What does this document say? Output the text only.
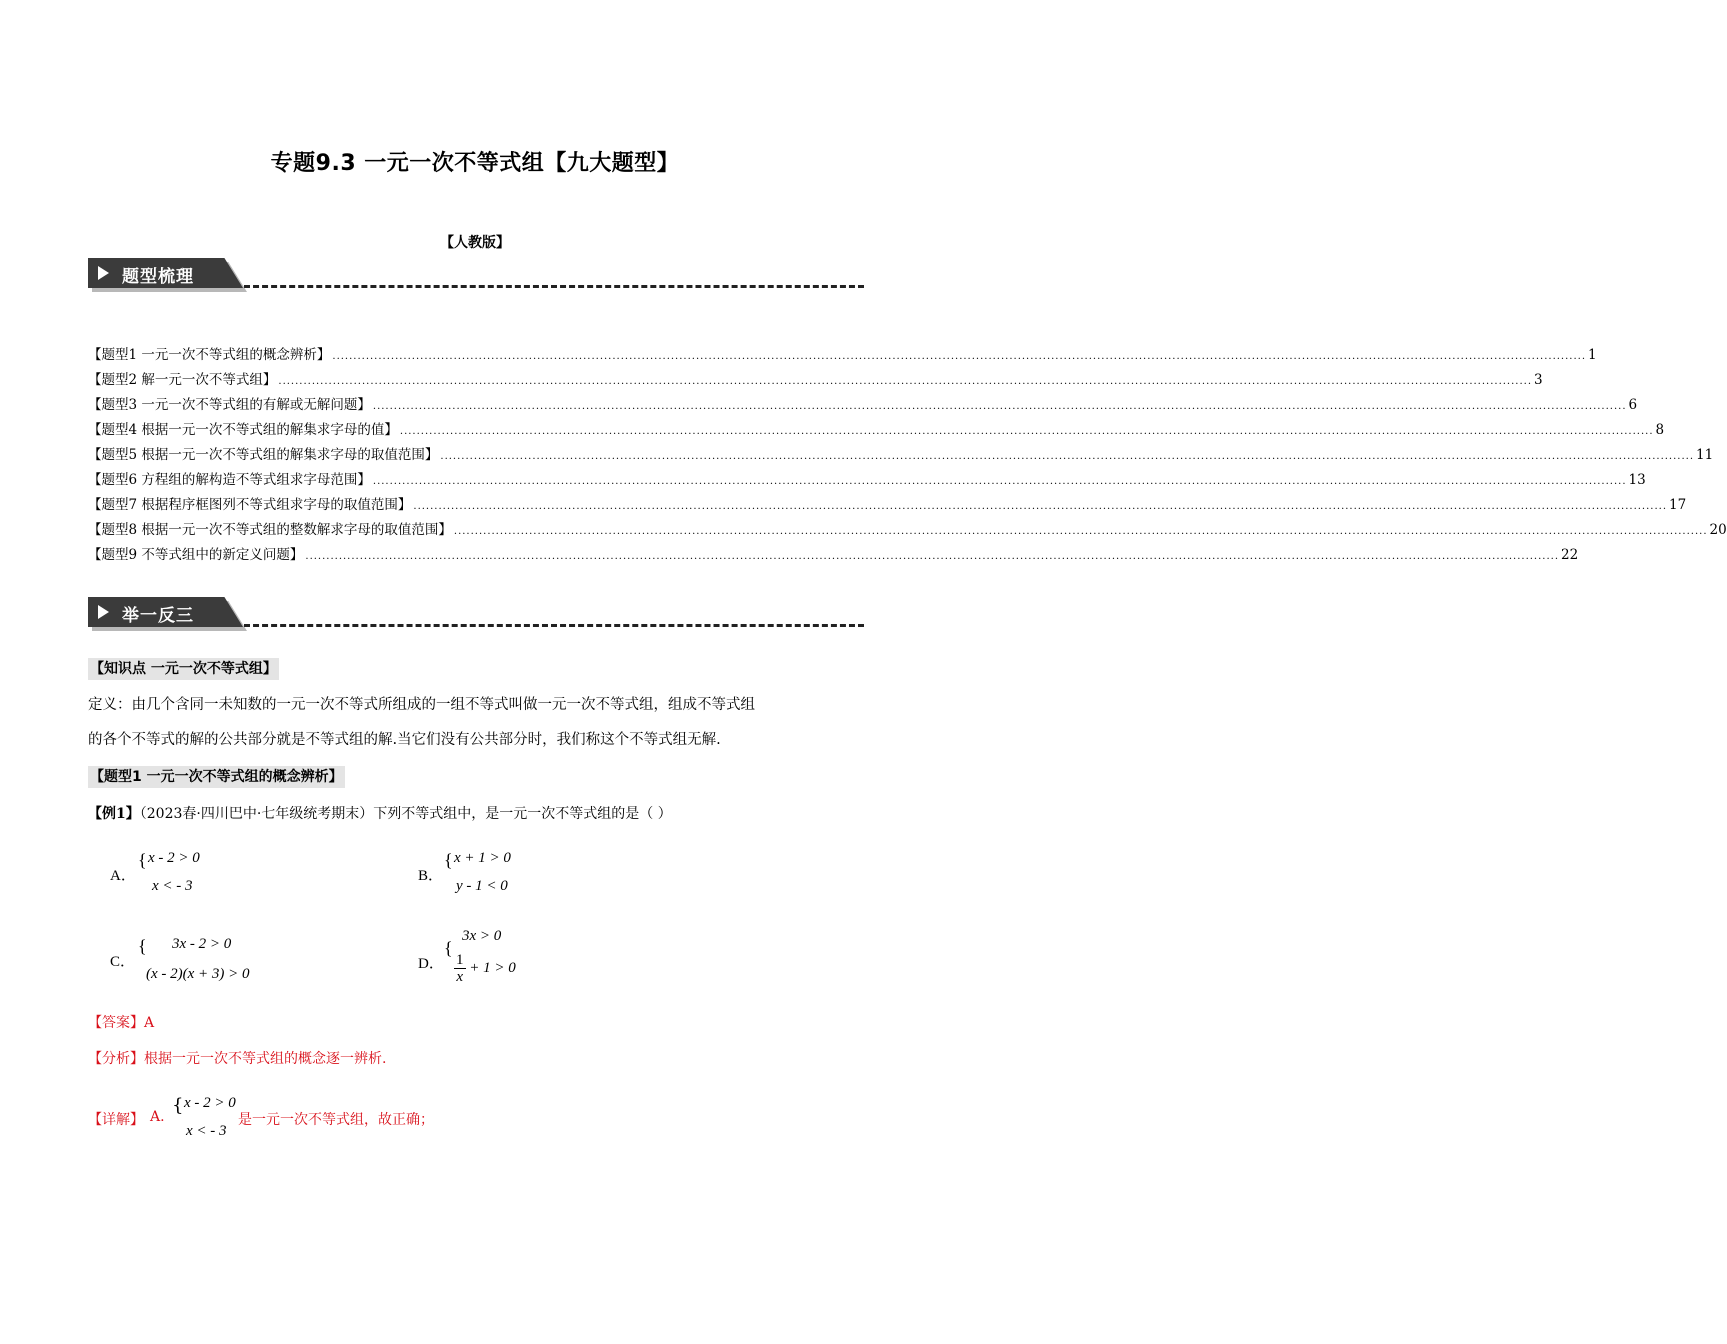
专题9.3 一元一次不等式组【九大题型】
【人教版】
题型梳理
【题型1 一元一次不等式组的概念辨析】 ............................................................................................................................................................................................................................................................................................................ 1
【题型2 解一元一次不等式组】 ............................................................................................................................................................................................................................................................................................................ 3
【题型3 一元一次不等式组的有解或无解问题】 ............................................................................................................................................................................................................................................................................................................ 6
【题型4 根据一元一次不等式组的解集求字母的值】 ............................................................................................................................................................................................................................................................................................................ 8
【题型5 根据一元一次不等式组的解集求字母的取值范围】 ............................................................................................................................................................................................................................................................................................................ 11
【题型6 方程组的解构造不等式组求字母范围】 ............................................................................................................................................................................................................................................................................................................ 13
【题型7 根据程序框图列不等式组求字母的取值范围】 ............................................................................................................................................................................................................................................................................................................ 17
【题型8 根据一元一次不等式组的整数解求字母的取值范围】 ............................................................................................................................................................................................................................................................................................................ 20
【题型9 不等式组中的新定义问题】 ............................................................................................................................................................................................................................................................................................................ 22
举一反三
【知识点 一元一次不等式组】
定义：由几个含同一未知数的一元一次不等式所组成的一组不等式叫做一元一次不等式组，组成不等式组
的各个不等式的解的公共部分就是不等式组的解.当它们没有公共部分时，我们称这个不等式组无解.
【题型1 一元一次不等式组的概念辨析】
【例1】（2023春·四川巴中·七年级统考期末）下列不等式组中，是一元一次不等式组的是（ ）
A．
{ x - 2 > 0
x < - 3
B．
{ x + 1 > 0
y - 1 < 0
C．
{ 3x - 2 > 0
(x - 2)(x + 3) > 0
D．
{
3x > 0
$\frac{1}{x} + 1 > 0$
【答案】A
【分析】根据一元一次不等式组的概念逐一辨析.
【详解】 A.
{ x - 2 > 0
x < - 3
是一元一次不等式组，故正确；
